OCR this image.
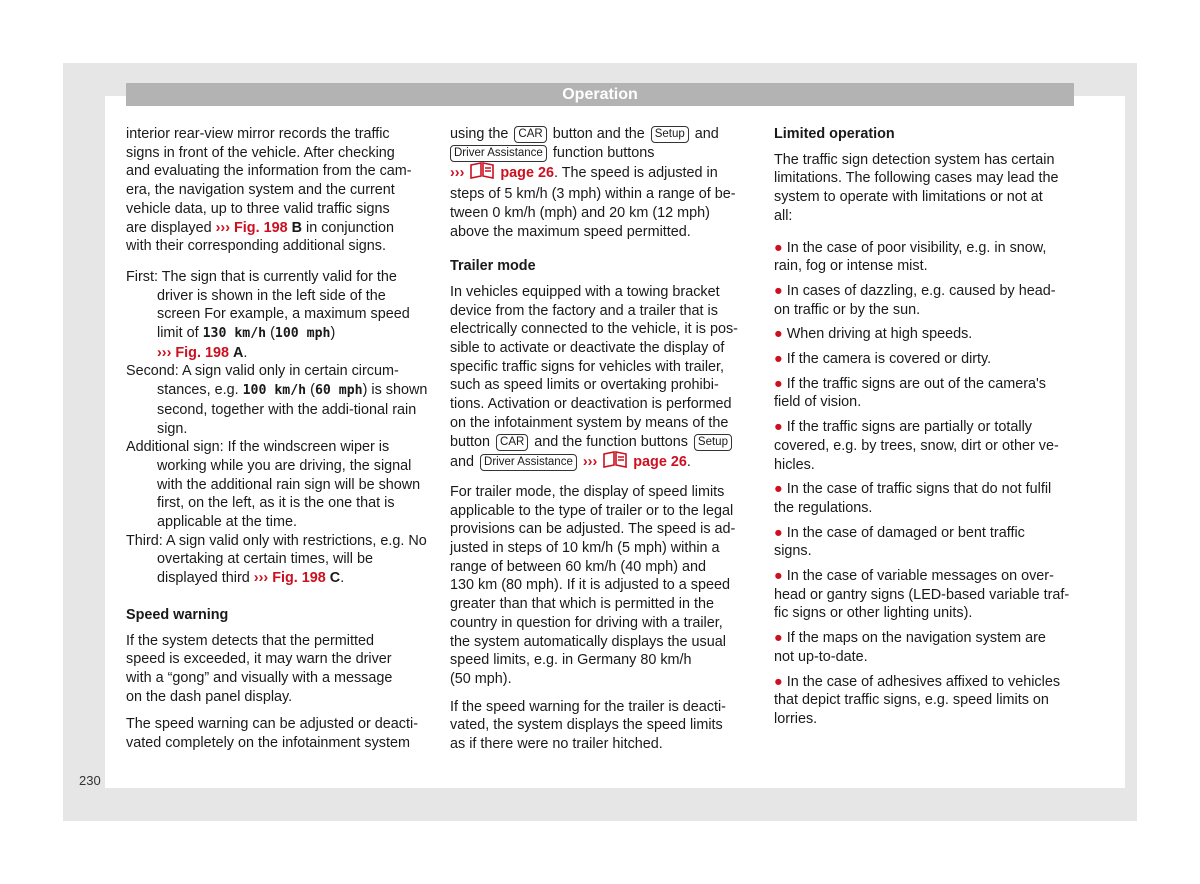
Operation

interior rear-view mirror records the traffic
signs in front of the vehicle. After checking
and evaluating the information from the cam-
era, the navigation system and the current
vehicle data, up to three valid traffic signs
are displayed ››› Fig. 198 B in conjunction
with their corresponding additional signs.

First: The sign that is currently valid for the driver is shown in the left side of the screen For example, a maximum speed limit of 130 km/h (100 mph)
››› Fig. 198 A.
Second: A sign valid only in certain circum-stances, e.g. 100 km/h (60 mph) is shown second, together with the addi-tional rain sign.
Additional sign: If the windscreen wiper is working while you are driving, the signal with the additional rain sign will be shown first, on the left, as it is the one that is applicable at the time.
Third: A sign valid only with restrictions, e.g. No overtaking at certain times, will be displayed third ››› Fig. 198 C.
Speed warning

If the system detects that the permitted
speed is exceeded, it may warn the driver
with a “gong” and visually with a message
on the dash panel display.

The speed warning can be adjusted or deacti-
vated completely on the infotainment system

using the CAR button and the Setup and
Driver Assistance function buttons
›››	page 26. The speed is adjusted in
steps of 5 km/h (3 mph) within a range of be-
tween 0 km/h (mph) and 20 km (12 mph)
above the maximum speed permitted.

Trailer mode

In vehicles equipped with a towing bracket
device from the factory and a trailer that is
electrically connected to the vehicle, it is pos-
sible to activate or deactivate the display of
specific traffic signs for vehicles with trailer,
such as speed limits or overtaking prohibi-
tions. Activation or deactivation is performed
on the infotainment system by means of the
button CAR and the function buttons Setup
and Driver Assistance ›››	page 26.

For trailer mode, the display of speed limits
applicable to the type of trailer or to the legal
provisions can be adjusted. The speed is ad-
justed in steps of 10 km/h (5 mph) within a
range of between 60 km/h (40 mph) and
130 km (80 mph). If it is adjusted to a speed
greater than that which is permitted in the
country in question for driving with a trailer,
the system automatically displays the usual
speed limits, e.g. in Germany 80 km/h
(50 mph).

If the speed warning for the trailer is deacti-
vated, the system displays the speed limits
as if there were no trailer hitched.

Limited operation

The traffic sign detection system has certain
limitations. The following cases may lead the
system to operate with limitations or not at
all:

● In the case of poor visibility, e.g. in snow,
rain, fog or intense mist.
● In cases of dazzling, e.g. caused by head-
on traffic or by the sun.
● When driving at high speeds.
● If the camera is covered or dirty.
● If the traffic signs are out of the camera's
field of vision.
● If the traffic signs are partially or totally
covered, e.g. by trees, snow, dirt or other ve-
hicles.
● In the case of traffic signs that do not fulfil
the regulations.
● In the case of damaged or bent traffic
signs.
● In the case of variable messages on over-
head or gantry signs (LED-based variable traf-
fic signs or other lighting units).
● If the maps on the navigation system are
not up-to-date.
● In the case of adhesives affixed to vehicles
that depict traffic signs, e.g. speed limits on
lorries.
230
